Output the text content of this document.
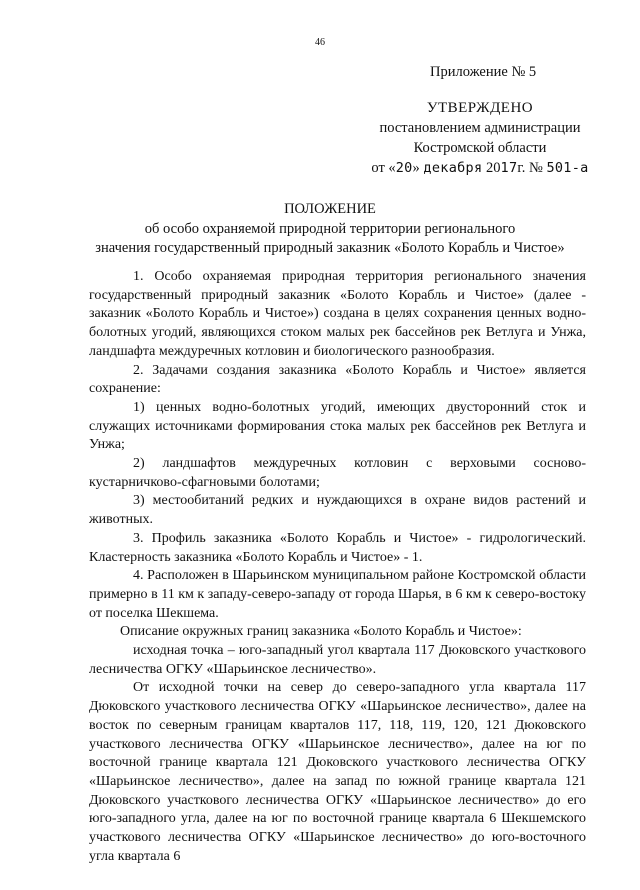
46
Приложение № 5
УТВЕРЖДЕНО
постановлением администрации
Костромской области
от «20» декабря 2017г. № 501-а
ПОЛОЖЕНИЕ
об особо охраняемой природной территории регионального
значения государственный природный заказник «Болото Корабль и Чистое»

1. Особо охраняемая природная территория регионального значения государственный природный заказник «Болото Корабль и Чистое» (далее - заказник «Болото Корабль и Чистое») создана в целях сохранения ценных водно-болотных угодий, являющихся стоком малых рек бассейнов рек Ветлуга и Унжа, ландшафта междуречных котловин и биологического разнообразия.

2. Задачами создания заказника «Болото Корабль и Чистое» является сохранение:

1) ценных водно-болотных угодий, имеющих двусторонний сток и служащих источниками формирования стока малых рек бассейнов рек Ветлуга и Унжа;

2) ландшафтов междуречных котловин с верховыми сосново-кустарничково-сфагновыми болотами;

3) местообитаний редких и нуждающихся в охране видов растений и животных.

3. Профиль заказника «Болото Корабль и Чистое» - гидрологический. Кластерность заказника «Болото Корабль и Чистое» - 1.

4. Расположен в Шарьинском муниципальном районе Костромской области примерно в 11 км к западу-северо-западу от города Шарья, в 6 км к северо-востоку от поселка Шекшема.

Описание окружных границ заказника «Болото Корабль и Чистое»:

исходная точка – юго-западный угол квартала 117 Дюковского участкового лесничества ОГКУ «Шарьинское лесничество».

От исходной точки на север до северо-западного угла квартала 117 Дюковского участкового лесничества ОГКУ «Шарьинское лесничество», далее на восток по северным границам кварталов 117, 118, 119, 120, 121 Дюковского участкового лесничества ОГКУ «Шарьинское лесничество», далее на юг по восточной границе квартала 121 Дюковского участкового лесничества ОГКУ «Шарьинское лесничество», далее на запад по южной границе квартала 121 Дюковского участкового лесничества ОГКУ «Шарьинское лесничество» до его юго-западного угла, далее на юг по восточной границе квартала 6 Шекшемского участкового лесничества ОГКУ «Шарьинское лесничество» до юго-восточного угла квартала 6
